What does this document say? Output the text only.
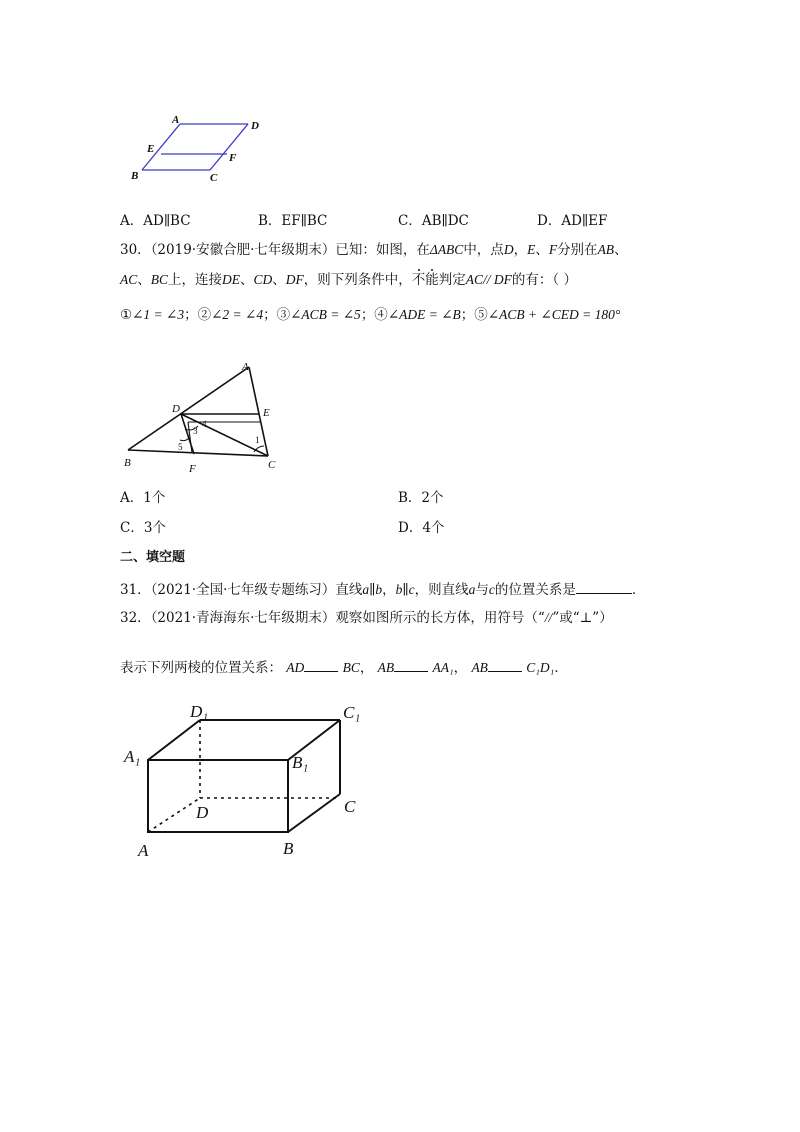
A	D
E
F
B	C
A．AD∥BC	B．EF∥BC	C．AB∥DC	D．AD∥EF
30．（2019·安徽合肥·七年级期末）已知：如图，在ΔABC中，点D，E、F分别在AB、
AC、BC上，连接DE、CD、DF，则下列条件中，不能判定AC// DF的有：（ ）
①∠1 = ∠3；②∠2 = ∠4；③∠ACB = ∠5；④∠ADE = ∠B；⑤∠ACB + ∠CED = 180°
A
D	E
B	F	C
4
3
5
1
A．1个	B．2个
C．3个	D．4个
二、填空题
31．（2021·全国·七年级专题练习）直线a∥b，b∥c，则直线a与c的位置关系是	．
32．（2021·青海海东·七年级期末）观察如图所示的长方体，用符号（“//”或“⊥”）
表示下列两棱的位置关系： AD	BC， AB	AA₁， AB	C₁D₁．
D₁	C₁
A₁	B₁
D	C
A	B
